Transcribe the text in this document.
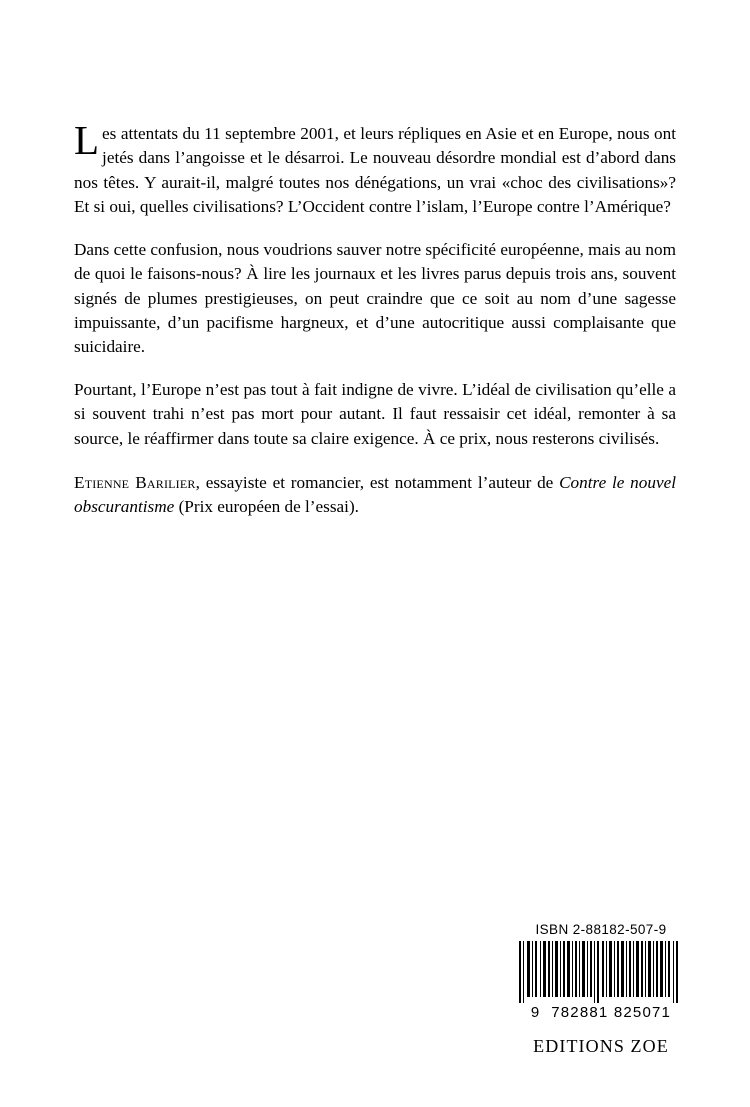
Les attentats du 11 septembre 2001, et leurs répliques en Asie et en Europe, nous ont jetés dans l’angoisse et le désarroi. Le nouveau désordre mondial est d’abord dans nos têtes. Y aurait-il, malgré toutes nos dénégations, un vrai «choc des civilisations»? Et si oui, quelles civilisations? L’Occident contre l’islam, l’Europe contre l’Amérique?

Dans cette confusion, nous voudrions sauver notre spécificité européenne, mais au nom de quoi le faisons-nous? À lire les journaux et les livres parus depuis trois ans, souvent signés de plumes prestigieuses, on peut craindre que ce soit au nom d’une sagesse impuissante, d’un pacifisme hargneux, et d’une autocritique aussi complaisante que suicidaire.

Pourtant, l’Europe n’est pas tout à fait indigne de vivre. L’idéal de civilisation qu’elle a si souvent trahi n’est pas mort pour autant. Il faut ressaisir cet idéal, remonter à sa source, le réaffirmer dans toute sa claire exigence. À ce prix, nous resterons civilisés.

Etienne Barilier, essayiste et romancier, est notamment l’auteur de Contre le nouvel obscurantisme (Prix européen de l’essai).

ISBN 2-88182-507-9
9 782881 825071
EDITIONS ZOE
